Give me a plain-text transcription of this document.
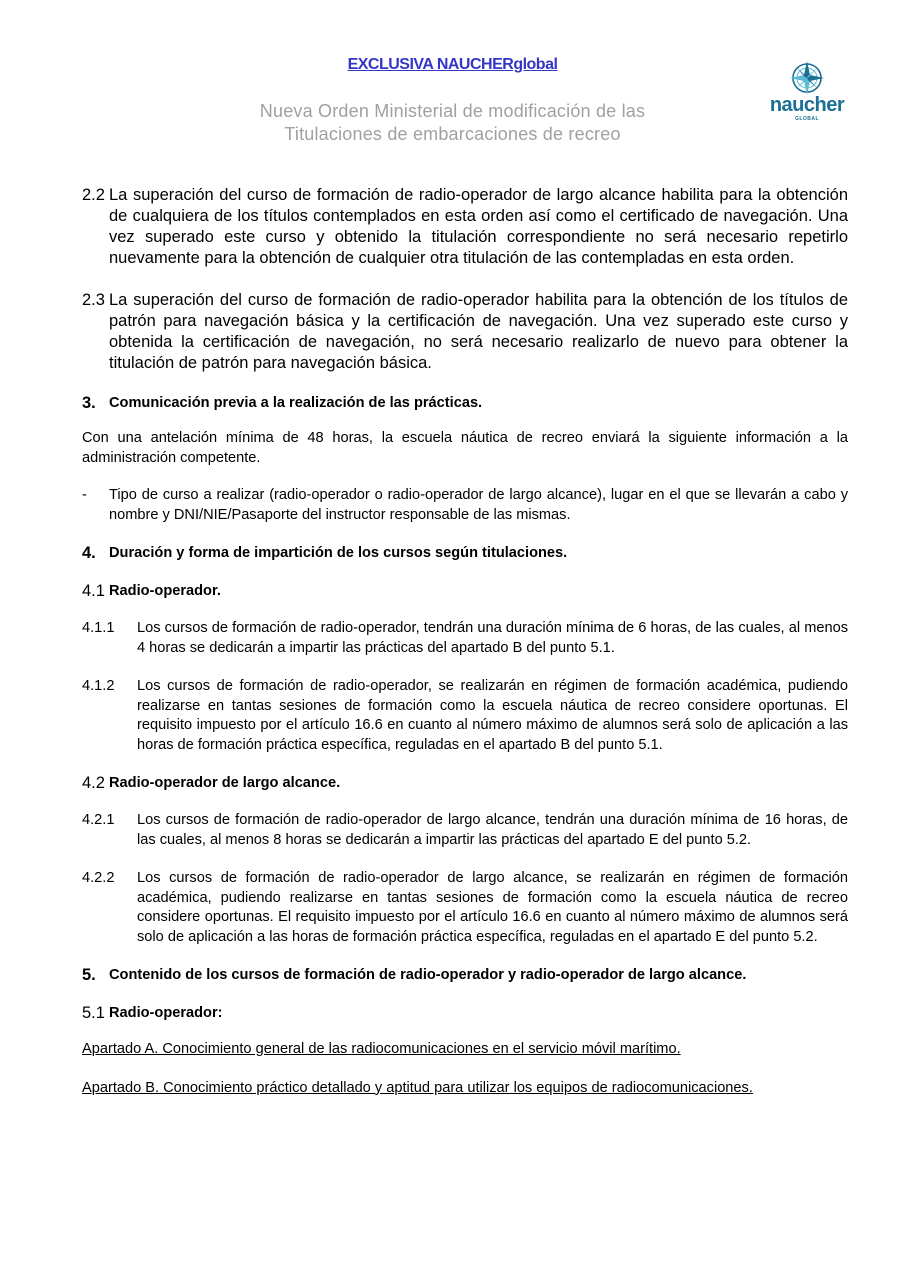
EXCLUSIVA NAUCHERglobal
Nueva Orden Ministerial de modificación de las
Titulaciones de embarcaciones de recreo
naucher
GLOBAL
2.2 La superación del curso de formación de radio-operador de largo alcance habilita para la obtención de cualquiera de los títulos contemplados en esta orden así como el certificado de navegación. Una vez superado este curso y obtenido la titulación correspondiente no será necesario repetirlo nuevamente para la obtención de cualquier otra titulación de las contempladas en esta orden.
2.3 La superación del curso de formación de radio-operador habilita para la obtención de los títulos de patrón para navegación básica y la certificación de navegación. Una vez superado este curso y obtenida la certificación de navegación, no será necesario realizarlo de nuevo para obtener la titulación de patrón para navegación básica.
3. Comunicación previa a la realización de las prácticas.
Con una antelación mínima de 48 horas, la escuela náutica de recreo enviará la siguiente información a la administración competente.
-	Tipo de curso a realizar (radio-operador o radio-operador de largo alcance), lugar en el que se llevarán a cabo y nombre y DNI/NIE/Pasaporte del instructor responsable de las mismas.
4. Duración y forma de impartición de los cursos según titulaciones.
4.1 Radio-operador.
4.1.1	Los cursos de formación de radio-operador, tendrán una duración mínima de 6 horas, de las cuales, al menos 4 horas se dedicarán a impartir las prácticas del apartado B del punto 5.1.
4.1.2	Los cursos de formación de radio-operador, se realizarán en régimen de formación académica, pudiendo realizarse en tantas sesiones de formación como la escuela náutica de recreo considere oportunas. El requisito impuesto por el artículo 16.6 en cuanto al número máximo de alumnos será solo de aplicación a las horas de formación práctica específica, reguladas en el apartado B del punto 5.1.
4.2 Radio-operador de largo alcance.
4.2.1	Los cursos de formación de radio-operador de largo alcance, tendrán una duración mínima de 16 horas, de las cuales, al menos 8 horas se dedicarán a impartir las prácticas del apartado E del punto 5.2.
4.2.2	Los cursos de formación de radio-operador de largo alcance, se realizarán en régimen de formación académica, pudiendo realizarse en tantas sesiones de formación como la escuela náutica de recreo considere oportunas. El requisito impuesto por el artículo 16.6 en cuanto al número máximo de alumnos será solo de aplicación a las horas de formación práctica específica, reguladas en el apartado E del punto 5.2.
5. Contenido de los cursos de formación de radio-operador y radio-operador de largo alcance.
5.1 Radio-operador:
Apartado A. Conocimiento general de las radiocomunicaciones en el servicio móvil marítimo.
Apartado B. Conocimiento práctico detallado y aptitud para utilizar los equipos de radiocomunicaciones.
